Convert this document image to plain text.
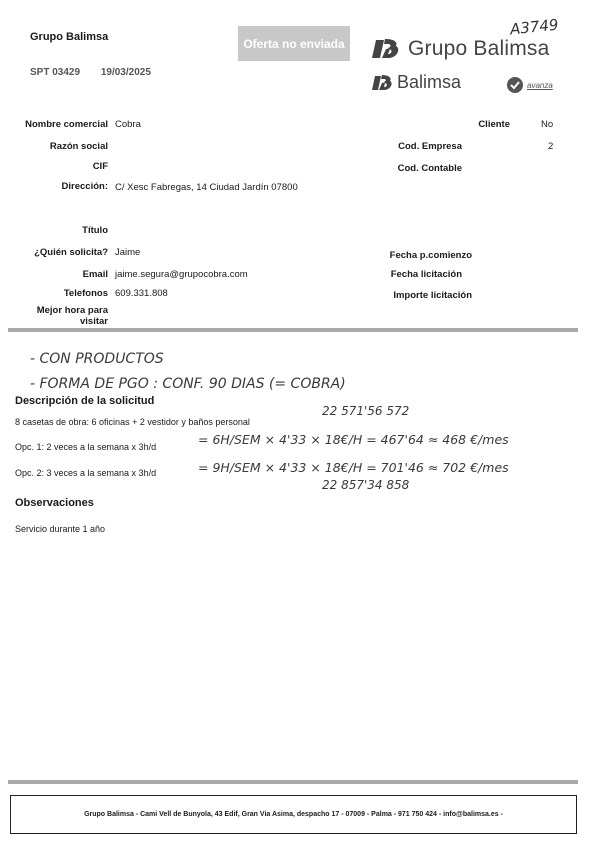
Grupo Balimsa
SPT 03429 19/03/2025
Oferta no enviada
A3749
Grupo Balimsa
Balimsa	avanza
Nombre comercial Cobra
Razón social
CIF
Dirección: C/ Xesc Fabregas, 14 Ciudad Jardín 07800
Título
¿Quién solicita? Jaime
Email jaime.segura@grupocobra.com
Telefonos 609.331.808
Mejor hora para
visitar
Cliente	No
Cod. Empresa	2
Cod. Contable
Fecha p.comienzo
Fecha licitación
Importe licitación
- CON PRODUCTOS
- FORMA DE PGO : CONF. 90 DIAS (= COBRA)
Descripción de la solicitud
8 casetas de obra: 6 oficinas + 2 vestidor y baños personal
22 571'56 572
Opc. 1: 2 veces a la semana x 3h/d	= 6H/SEM × 4'33 × 18€/H = 467'64 ≈ 468 €/mes
Opc. 2: 3 veces a la semana x 3h/d	= 9H/SEM × 4'33 × 18€/H = 701'46 ≈ 702 €/mes
22 857'34 858
Observaciones
Servicio durante 1 año
Grupo Balimsa - Cami Vell de Bunyola, 43 Edif, Gran Via Asima, despacho 17 - 07009 - Palma - 971 750 424 - info@balimsa.es -
